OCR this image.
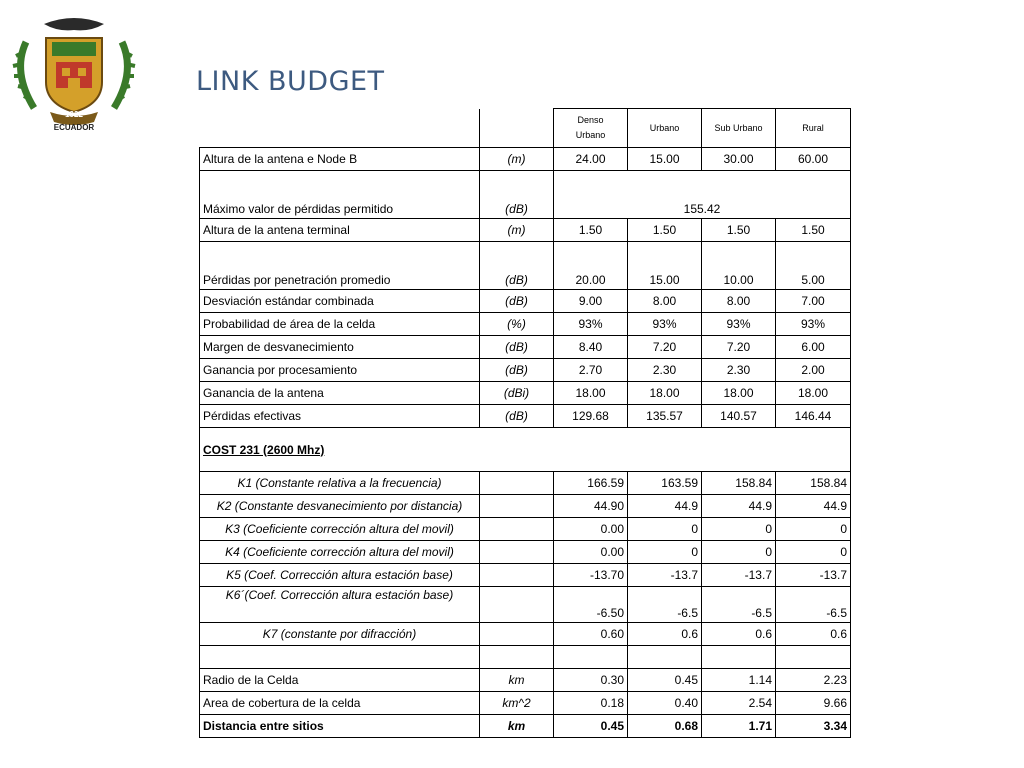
1922
ECUADOR
LINK BUDGET
		Denso
Urbano	Urbano	Sub Urbano	Rural
Altura de la antena e Node B	(m)	24.00	15.00	30.00	60.00
Máximo valor de pérdidas permitido	(dB)	155.42			
Altura de la antena terminal	(m)	1.50	1.50	1.50	1.50
Pérdidas por penetración promedio	(dB)	20.00	15.00	10.00	5.00
Desviación estándar combinada	(dB)	9.00	8.00	8.00	7.00
Probabilidad de área de la celda	(%)	93%	93%	93%	93%
Margen de desvanecimiento	(dB)	8.40	7.20	7.20	6.00
Ganancia por procesamiento	(dB)	2.70	2.30	2.30	2.00
Ganancia de la antena	(dBi)	18.00	18.00	18.00	18.00
Pérdidas efectivas	(dB)	129.68	135.57	140.57	146.44
COST 231 (2600 Mhz)					
K1 (Constante relativa a la frecuencia)		166.59	163.59	158.84	158.84
K2 (Constante desvanecimiento por distancia)		44.90	44.9	44.9	44.9
K3 (Coeficiente corrección altura del movil)		0.00	0	0	0
K4 (Coeficiente corrección altura del movil)		0.00	0	0	0
K5 (Coef. Corrección altura estación base)		-13.70	-13.7	-13.7	-13.7
K6´(Coef. Corrección altura estación base)		-6.50	-6.5	-6.5	-6.5
K7 (constante por difracción)		0.60	0.6	0.6	0.6

Radio de la Celda	km	0.30	0.45	1.14	2.23
Area de cobertura de la celda	km^2	0.18	0.40	2.54	9.66
Distancia entre sitios	km	0.45	0.68	1.71	3.34
